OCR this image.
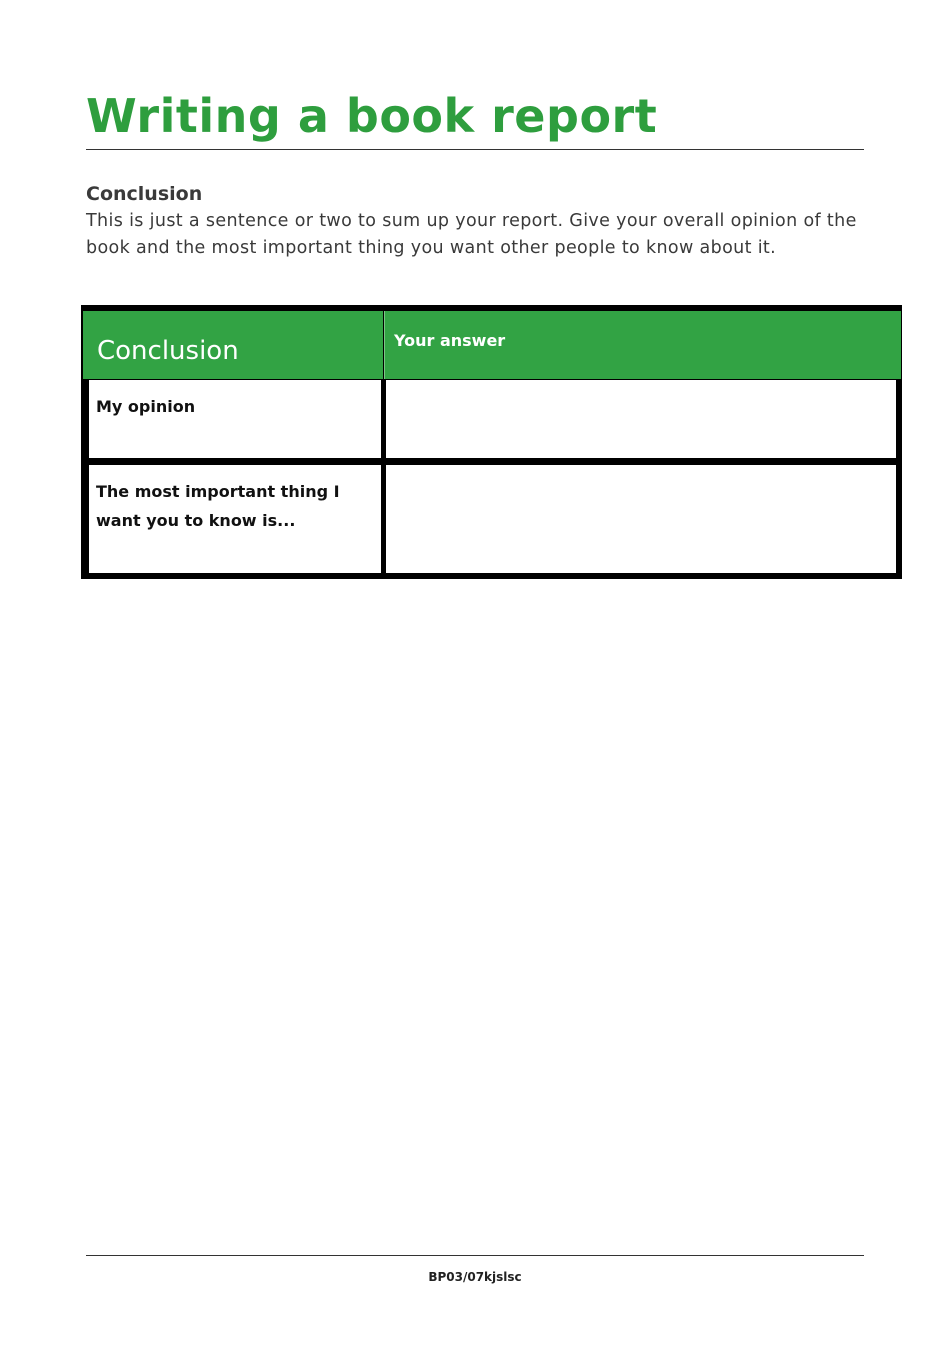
Writing a book report
Conclusion

This is just a sentence or two to sum up your report. Give your overall opinion of the book and the most important thing you want other people to know about it.

Conclusion	Your answer
My opinion
The most important thing I want you to know is...
BP03/07kjslsc
